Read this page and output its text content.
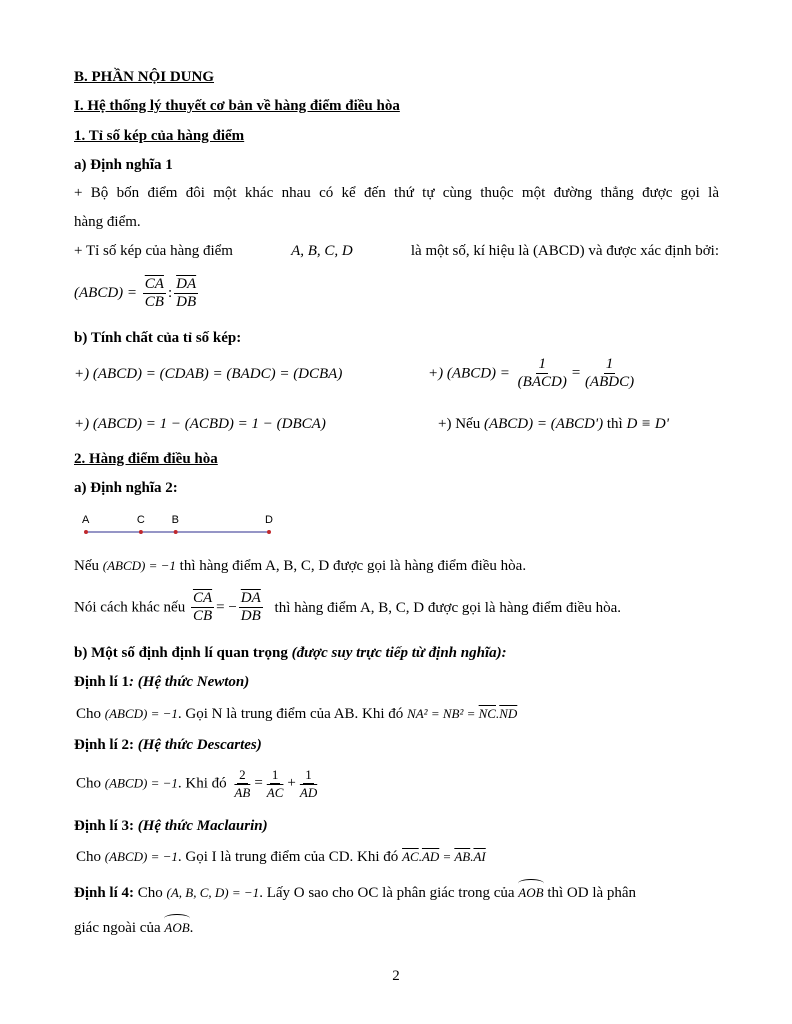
B. PHẦN NỘI DUNG
I. Hệ thống lý thuyết cơ bản về hàng điểm điều hòa
1. Tỉ số kép của hàng điểm
a) Định nghĩa 1
+ Bộ bốn điểm đôi một khác nhau có kể đến thứ tự cùng thuộc một đường thẳng được gọi là
hàng điểm.
+ Tỉ số kép của hàng điểm	A, B, C, D	là một số, kí hiệu là (ABCD) và được xác định bởi:
(ABCD) = $\frac{\overline{CA}}{CB}$ : $\frac{\overline{DA}}{DB}$
b) Tính chất của tỉ số kép:
+) (ABCD) = (CDAB) = (BADC) = (DCBA)	+) (ABCD) = $\frac{1}{\text{(BACD)}} = \frac{1}{\text{(ABDC)}}$
+) (ABCD) = 1 − (ACBD) = 1 − (DBCA)	+) Nếu (ABCD) = (ABCD') thì D ≡ D'
2. Hàng điểm điều hòa
a) Định nghĩa 2:
A	C B	D
Nếu (ABCD) = −1 thì hàng điểm A, B, C, D được gọi là hàng điểm điều hòa.
Nói cách khác nếu $\frac{\overline{CA}}{CB}$ = − $\frac{\overline{DA}}{DB}$ thì hàng điểm A, B, C, D được gọi là hàng điểm điều hòa.
b) Một số định định lí quan trọng (được suy trực tiếp từ định nghĩa):
Định lí 1: (Hệ thức Newton)
Cho (ABCD) = −1. Gọi N là trung điểm của AB. Khi đó $NA^2 = NB^2 = \overline{NC}.\overline{ND}$
Định lí 2: (Hệ thức Descartes)
Cho (ABCD) = −1. Khi đó $\frac{2}{AB} = \frac{1}{AC} + \frac{1}{AD}$
Định lí 3: (Hệ thức Maclaurin)
Cho (ABCD) = −1. Gọi I là trung điểm của CD. Khi đó $\overline{AC}.\overline{AD} = \overline{AB}.\overline{AI}$
Định lí 4: Cho (A, B, C, D) = −1. Lấy O sao cho OC là phân giác trong của AOB thì OD là phân
giác ngoài của AOB.
2
